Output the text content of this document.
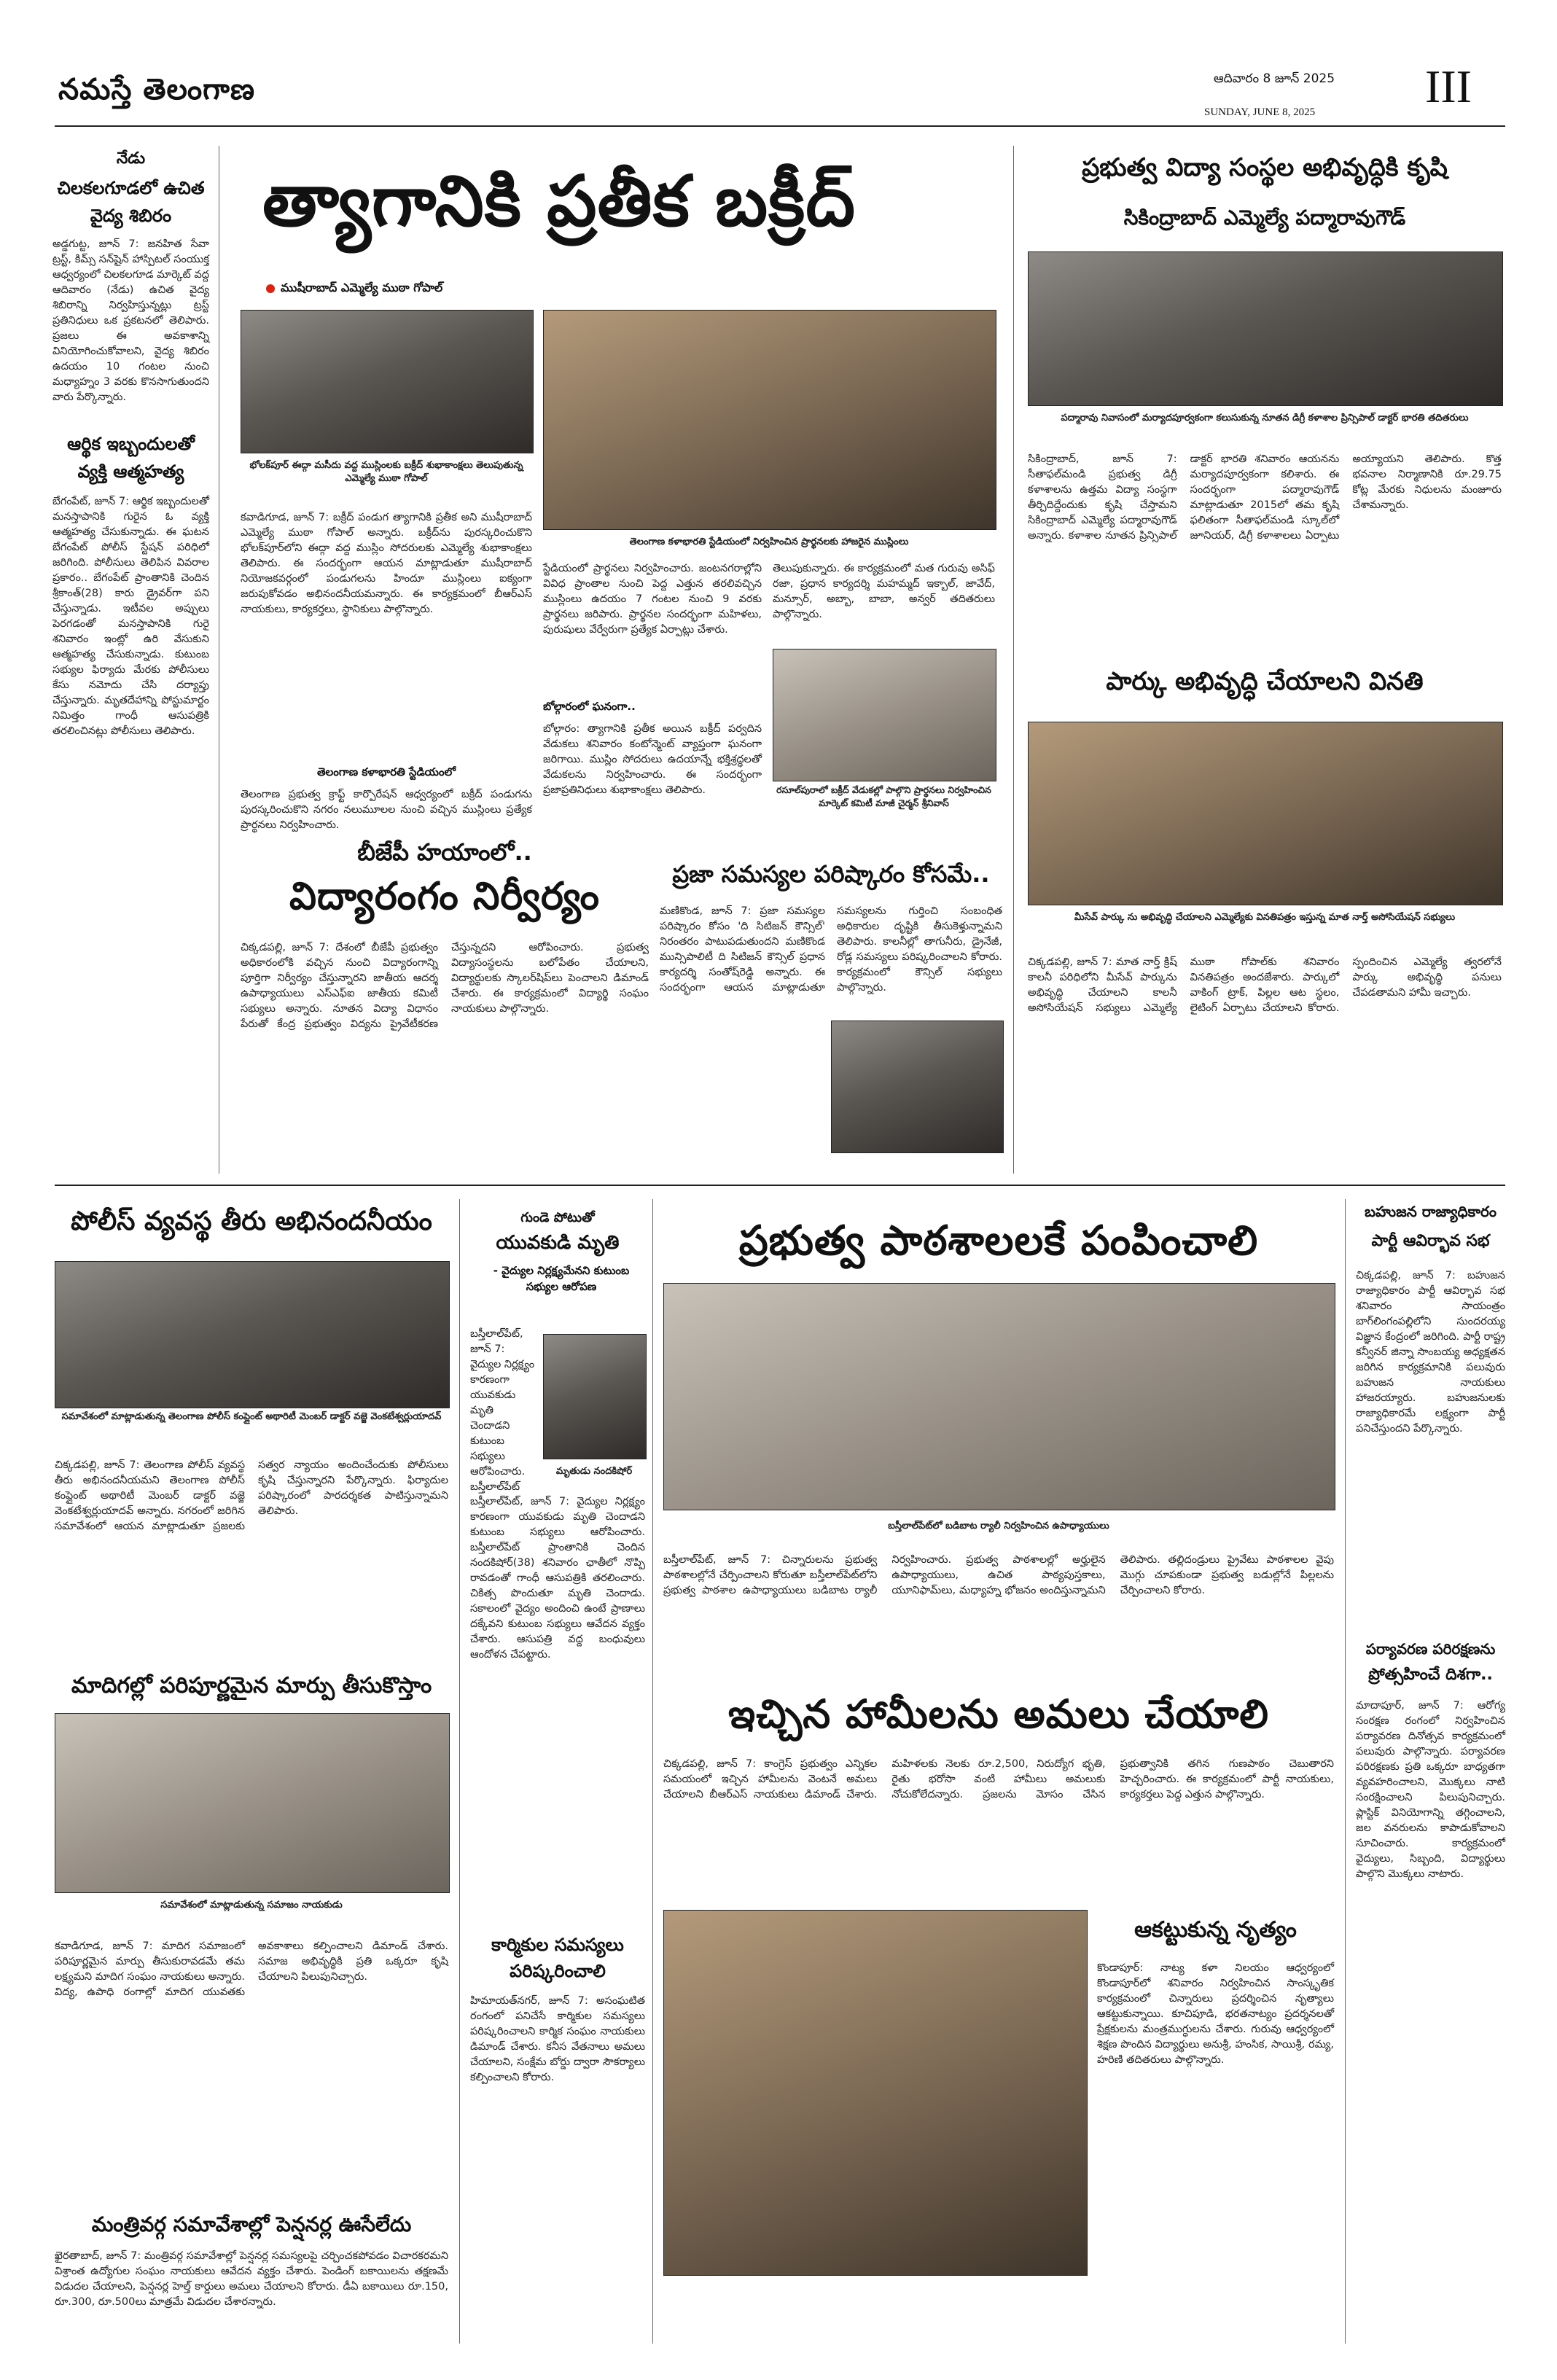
నమస్తే తెలంగాణ	ఆదివారం 8 జూన్ 2025
SUNDAY, JUNE 8, 2025 III
నేడు
చిలకలగూడలో ఉచిత వైద్య శిబిరం
అడ్డగుట్ట, జూన్ 7: జనహిత సేవా ట్రస్ట్, కిమ్స్ సన్‌షైన్ హాస్పిటల్ సంయుక్త ఆధ్వర్యంలో చిలకలగూడ మార్కెట్ వద్ద ఆదివారం (నేడు) ఉచిత వైద్య శిబిరాన్ని నిర్వహిస్తున్నట్లు ట్రస్ట్ ప్రతినిధులు ఒక ప్రకటనలో తెలిపారు. ప్రజలు ఈ అవకాశాన్ని వినియోగించుకోవాలని, వైద్య శిబిరం ఉదయం 10 గంటల నుంచి మధ్యాహ్నం 3 వరకు కొనసాగుతుందని వారు పేర్కొన్నారు.
ఆర్థిక ఇబ్బందులతో వ్యక్తి ఆత్మహత్య
బేగంపేట్, జూన్ 7: ఆర్థిక ఇబ్బందులతో మనస్తాపానికి గురైన ఓ వ్యక్తి ఆత్మహత్య చేసుకున్నాడు. ఈ ఘటన బేగంపేట్ పోలీస్ స్టేషన్ పరిధిలో జరిగింది. పోలీసులు తెలిపిన వివరాల ప్రకారం.. బేగంపేట్ ప్రాంతానికి చెందిన శ్రీకాంత్(28) కారు డ్రైవర్‌గా పని చేస్తున్నాడు. ఇటీవల అప్పులు పెరగడంతో మనస్తాపానికి గురై శనివారం ఇంట్లో ఉరి వేసుకుని ఆత్మహత్య చేసుకున్నాడు. కుటుంబ సభ్యుల ఫిర్యాదు మేరకు పోలీసులు కేసు నమోదు చేసి దర్యాప్తు చేస్తున్నారు. మృతదేహాన్ని పోస్టుమార్టం నిమిత్తం గాంధీ ఆసుపత్రికి తరలించినట్లు పోలీసులు తెలిపారు.
త్యాగానికి ప్రతీక బక్రీద్
ముషీరాబాద్ ఎమ్మెల్యే ముఠా గోపాల్
భోలక్‌పూర్ ఈద్గా మసీదు వద్ద ముస్లింలకు బక్రీద్ శుభాకాంక్షలు తెలుపుతున్న ఎమ్మెల్యే ముఠా గోపాల్
తెలంగాణ కళాభారతి స్టేడియంలో నిర్వహించిన ప్రార్థనలకు హాజరైన ముస్లింలు
కవాడిగూడ, జూన్ 7: బక్రీద్ పండుగ త్యాగానికి ప్రతీక అని ముషీరాబాద్ ఎమ్మెల్యే ముఠా గోపాల్ అన్నారు. బక్రీద్‌ను పురస్కరించుకొని భోలక్‌పూర్‌లోని ఈద్గా వద్ద ముస్లిం సోదరులకు ఎమ్మెల్యే శుభాకాంక్షలు తెలిపారు. ఈ సందర్భంగా ఆయన మాట్లాడుతూ ముషీరాబాద్ నియోజకవర్గంలో పండుగలను హిందూ ముస్లింలు ఐక్యంగా జరుపుకోవడం అభినందనీయమన్నారు. ఈ కార్యక్రమంలో బీఆర్ఎస్ నాయకులు, కార్యకర్తలు, స్థానికులు పాల్గొన్నారు.
తెలంగాణ కళాభారతి స్టేడియంలో
తెలంగాణ ప్రభుత్వ క్రాఫ్ట్ కార్పొరేషన్ ఆధ్వర్యంలో బక్రీద్ పండుగను పురస్కరించుకొని నగరం నలుమూలల నుంచి వచ్చిన ముస్లింలు ప్రత్యేక ప్రార్థనలు నిర్వహించారు.
స్టేడియంలో ప్రార్థనలు నిర్వహించారు. జంటనగరాల్లోని వివిధ ప్రాంతాల నుంచి పెద్ద ఎత్తున తరలివచ్చిన ముస్లింలు ఉదయం 7 గంటల నుంచి 9 వరకు ప్రార్థనలు జరిపారు. ప్రార్థనల సందర్భంగా మహిళలు, పురుషులు వేర్వేరుగా ప్రత్యేక ఏర్పాట్లు చేశారు.
బోల్గారంలో ఘనంగా..
బోల్గారం: త్యాగానికి ప్రతీక అయిన బక్రీద్ పర్వదిన వేడుకలు శనివారం కంటోన్మెంట్ వ్యాప్తంగా ఘనంగా జరిగాయి. ముస్లిం సోదరులు ఉదయాన్నే భక్తిశ్రద్ధలతో వేడుకలను నిర్వహించారు. ఈ సందర్భంగా ప్రజాప్రతినిధులు శుభాకాంక్షలు తెలిపారు.
తెలుపుకున్నారు. ఈ కార్యక్రమంలో మత గురువు అసిఫ్ రజా, ప్రధాన కార్యదర్శి మహమ్మద్ ఇక్బాల్, జావేద్, మన్సూర్, అబ్బా, బాబా, అన్వర్ తదితరులు పాల్గొన్నారు.
రసూల్‌పురాలో బక్రీద్ వేడుకల్లో పాల్గొని ప్రార్థనలు నిర్వహించిన మార్కెట్ కమిటీ మాజీ చైర్మన్ శ్రీనివాస్
ప్రభుత్వ విద్యా సంస్థల అభివృద్ధికి కృషి
సికింద్రాబాద్ ఎమ్మెల్యే పద్మారావుగౌడ్
పద్మారావు నివాసంలో మర్యాదపూర్వకంగా కలుసుకున్న నూతన డిగ్రీ కళాశాల ప్రిన్సిపాల్ డాక్టర్ భారతి తదితరులు
సికింద్రాబాద్, జూన్ 7: సీతాఫల్‌మండి ప్రభుత్వ డిగ్రీ కళాశాలను ఉత్తమ విద్యా సంస్థగా తీర్చిదిద్దేందుకు కృషి చేస్తామని సికింద్రాబాద్ ఎమ్మెల్యే పద్మారావుగౌడ్ అన్నారు. కళాశాల నూతన ప్రిన్సిపాల్ డాక్టర్ భారతి శనివారం ఆయనను మర్యాదపూర్వకంగా కలిశారు. ఈ సందర్భంగా పద్మారావుగౌడ్ మాట్లాడుతూ 2015లో తమ కృషి ఫలితంగా సీతాఫల్‌మండి స్కూల్‌లో జూనియర్, డిగ్రీ కళాశాలలు ఏర్పాటు అయ్యాయని తెలిపారు. కొత్త భవనాల నిర్మాణానికి రూ.29.75 కోట్ల మేరకు నిధులను మంజూరు చేశామన్నారు.
పార్కు అభివృద్ధి చేయాలని వినతి
మీసేవ్ పార్కు ను అభివృద్ధి చేయాలని ఎమ్మెల్యేకు వినతిపత్రం ఇస్తున్న మాత నార్త్ అసోసియేషన్ సభ్యులు
చిక్కడపల్లి, జూన్ 7: మాత నార్త్ క్రిష్ కాలనీ పరిధిలోని మీసేవ్ పార్కును అభివృద్ధి చేయాలని కాలనీ అసోసియేషన్ సభ్యులు ఎమ్మెల్యే ముఠా గోపాల్‌కు శనివారం వినతిపత్రం అందజేశారు. పార్కులో వాకింగ్ ట్రాక్, పిల్లల ఆట స్థలం, లైటింగ్ ఏర్పాటు చేయాలని కోరారు. స్పందించిన ఎమ్మెల్యే త్వరలోనే పార్కు అభివృద్ధి పనులు చేపడతామని హామీ ఇచ్చారు.
బీజేపీ హయాంలో..
విద్యారంగం నిర్వీర్యం
చిక్కడపల్లి, జూన్ 7: దేశంలో బీజేపీ ప్రభుత్వం అధికారంలోకి వచ్చిన నుంచి విద్యారంగాన్ని పూర్తిగా నిర్వీర్యం చేస్తున్నారని జాతీయ ఆదర్శ ఉపాధ్యాయులు ఎస్ఎఫ్ఐ జాతీయ కమిటీ సభ్యులు అన్నారు. నూతన విద్యా విధానం పేరుతో కేంద్ర ప్రభుత్వం విద్యను ప్రైవేటీకరణ చేస్తున్నదని ఆరోపించారు. ప్రభుత్వ విద్యాసంస్థలను బలోపేతం చేయాలని, విద్యార్థులకు స్కాలర్‌షిప్‌లు పెంచాలని డిమాండ్ చేశారు. ఈ కార్యక్రమంలో విద్యార్థి సంఘం నాయకులు పాల్గొన్నారు.
ప్రజా సమస్యల పరిష్కారం కోసమే..
మణికొండ, జూన్ 7: ప్రజా సమస్యల పరిష్కారం కోసం 'ది సిటిజన్ కౌన్సిల్' నిరంతరం పాటుపడుతుందని మణికొండ మున్సిపాలిటీ ది సిటిజన్ కౌన్సిల్ ప్రధాన కార్యదర్శి సంతోష్‌రెడ్డి అన్నారు. ఈ సందర్భంగా ఆయన మాట్లాడుతూ సమస్యలను గుర్తించి సంబంధిత అధికారుల దృష్టికి తీసుకెళ్తున్నామని తెలిపారు. కాలనీల్లో తాగునీరు, డ్రైనేజీ, రోడ్ల సమస్యలు పరిష్కరించాలని కోరారు. కార్యక్రమంలో కౌన్సిల్ సభ్యులు పాల్గొన్నారు.
పోలీస్ వ్యవస్థ తీరు అభినందనీయం
సమావేశంలో మాట్లాడుతున్న తెలంగాణ పోలీస్ కంప్లైంట్ అథారిటీ మెంబర్ డాక్టర్ వజ్జె వెంకటేశ్వర్లుయాదవ్
చిక్కడపల్లి, జూన్ 7: తెలంగాణ పోలీస్ వ్యవస్థ తీరు అభినందనీయమని తెలంగాణ పోలీస్ కంప్లైంట్ అథారిటీ మెంబర్ డాక్టర్ వజ్జె వెంకటేశ్వర్లుయాదవ్ అన్నారు. నగరంలో జరిగిన సమావేశంలో ఆయన మాట్లాడుతూ ప్రజలకు సత్వర న్యాయం అందించేందుకు పోలీసులు కృషి చేస్తున్నారని పేర్కొన్నారు. ఫిర్యాదుల పరిష్కారంలో పారదర్శకత పాటిస్తున్నామని తెలిపారు.
మాదిగల్లో పరిపూర్ణమైన మార్పు తీసుకొస్తాం
సమావేశంలో మాట్లాడుతున్న సమాజం నాయకుడు
కవాడిగూడ, జూన్ 7: మాదిగ సమాజంలో పరిపూర్ణమైన మార్పు తీసుకురావడమే తమ లక్ష్యమని మాదిగ సంఘం నాయకులు అన్నారు. విద్య, ఉపాధి రంగాల్లో మాదిగ యువతకు అవకాశాలు కల్పించాలని డిమాండ్ చేశారు. సమాజ అభివృద్ధికి ప్రతి ఒక్కరూ కృషి చేయాలని పిలుపునిచ్చారు.
మంత్రివర్గ సమావేశాల్లో పెన్షనర్ల ఊసేలేదు
ఖైరతాబాద్, జూన్ 7: మంత్రివర్గ సమావేశాల్లో పెన్షనర్ల సమస్యలపై చర్చించకపోవడం విచారకరమని విశ్రాంత ఉద్యోగుల సంఘం నాయకులు ఆవేదన వ్యక్తం చేశారు. పెండింగ్ బకాయిలను తక్షణమే విడుదల చేయాలని, పెన్షనర్ల హెల్త్ కార్డులు అమలు చేయాలని కోరారు. డీఏ బకాయిలు రూ.150, రూ.300, రూ.500లు మాత్రమే విడుదల చేశారన్నారు.
గుండె పోటుతో
యువకుడి మృతి
- వైద్యుల నిర్లక్ష్యమేనని కుటుంబ సభ్యుల ఆరోపణ
మృతుడు నందకిషోర్
బస్తీలాల్‌పేట్, జూన్ 7: వైద్యుల నిర్లక్ష్యం కారణంగా యువకుడు మృతి చెందాడని కుటుంబ సభ్యులు ఆరోపించారు. బస్తీలాల్‌పేట్
బస్తీలాల్‌పేట్, జూన్ 7: వైద్యుల నిర్లక్ష్యం కారణంగా యువకుడు మృతి చెందాడని కుటుంబ సభ్యులు ఆరోపించారు. బస్తీలాల్‌పేట్ ప్రాంతానికి చెందిన నందకిషోర్(38) శనివారం ఛాతీలో నొప్పి రావడంతో గాంధీ ఆసుపత్రికి తరలించారు. చికిత్స పొందుతూ మృతి చెందాడు. సకాలంలో వైద్యం అందించి ఉంటే ప్రాణాలు దక్కేవని కుటుంబ సభ్యులు ఆవేదన వ్యక్తం చేశారు. ఆసుపత్రి వద్ద బంధువులు ఆందోళన చేపట్టారు.
కార్మికుల సమస్యలు పరిష్కరించాలి
హిమాయత్‌నగర్, జూన్ 7: అసంఘటిత రంగంలో పనిచేసే కార్మికుల సమస్యలు పరిష్కరించాలని కార్మిక సంఘం నాయకులు డిమాండ్ చేశారు. కనీస వేతనాలు అమలు చేయాలని, సంక్షేమ బోర్డు ద్వారా సౌకర్యాలు కల్పించాలని కోరారు.
ప్రభుత్వ పాఠశాలలకే పంపించాలి
బస్తీలాల్‌పేట్‌లో బడిబాట ర్యాలీ నిర్వహించిన ఉపాధ్యాయులు
బస్తీలాల్‌పేట్, జూన్ 7: చిన్నారులను ప్రభుత్వ పాఠశాలల్లోనే చేర్పించాలని కోరుతూ బస్తీలాల్‌పేట్‌లోని ప్రభుత్వ పాఠశాల ఉపాధ్యాయులు బడిబాట ర్యాలీ నిర్వహించారు. ప్రభుత్వ పాఠశాలల్లో అర్హులైన ఉపాధ్యాయులు, ఉచిత పాఠ్యపుస్తకాలు, యూనిఫామ్‌లు, మధ్యాహ్న భోజనం అందిస్తున్నామని తెలిపారు. తల్లిదండ్రులు ప్రైవేటు పాఠశాలల వైపు మొగ్గు చూపకుండా ప్రభుత్వ బడుల్లోనే పిల్లలను చేర్పించాలని కోరారు.
ఇచ్చిన హామీలను అమలు చేయాలి
చిక్కడపల్లి, జూన్ 7: కాంగ్రెస్ ప్రభుత్వం ఎన్నికల సమయంలో ఇచ్చిన హామీలను వెంటనే అమలు చేయాలని బీఆర్ఎస్ నాయకులు డిమాండ్ చేశారు. మహిళలకు నెలకు రూ.2,500, నిరుద్యోగ భృతి, రైతు భరోసా వంటి హామీలు అమలుకు నోచుకోలేదన్నారు. ప్రజలను మోసం చేసిన ప్రభుత్వానికి తగిన గుణపాఠం చెబుతారని హెచ్చరించారు. ఈ కార్యక్రమంలో పార్టీ నాయకులు, కార్యకర్తలు పెద్ద ఎత్తున పాల్గొన్నారు.
ఆకట్టుకున్న నృత్యం
కొండాపూర్: నాట్య కళా నిలయం ఆధ్వర్యంలో కొండాపూర్‌లో శనివారం నిర్వహించిన సాంస్కృతిక కార్యక్రమంలో చిన్నారులు ప్రదర్శించిన నృత్యాలు ఆకట్టుకున్నాయి. కూచిపూడి, భరతనాట్యం ప్రదర్శనలతో ప్రేక్షకులను మంత్రముగ్ధులను చేశారు. గురువు ఆధ్వర్యంలో శిక్షణ పొందిన విద్యార్థులు అనుశ్రీ, హంసిక, సాయిశ్రీ, రమ్య, హరిణి తదితరులు పాల్గొన్నారు.
బహుజన రాజ్యాధికారం
పార్టీ ఆవిర్భావ సభ
చిక్కడపల్లి, జూన్ 7: బహుజన రాజ్యాధికారం పార్టీ ఆవిర్భావ సభ శనివారం సాయంత్రం బాగ్‌లింగంపల్లిలోని సుందరయ్య విజ్ఞాన కేంద్రంలో జరిగింది. పార్టీ రాష్ట్ర కన్వీనర్ జిన్నా సాంబయ్య అధ్యక్షతన జరిగిన కార్యక్రమానికి పలువురు బహుజన నాయకులు హాజరయ్యారు. బహుజనులకు రాజ్యాధికారమే లక్ష్యంగా పార్టీ పనిచేస్తుందని పేర్కొన్నారు.
పర్యావరణ పరిరక్షణను
ప్రోత్సహించే దిశగా..
మాదాపూర్, జూన్ 7: ఆరోగ్య సంరక్షణ రంగంలో నిర్వహించిన పర్యావరణ దినోత్సవ కార్యక్రమంలో పలువురు పాల్గొన్నారు. పర్యావరణ పరిరక్షణకు ప్రతి ఒక్కరూ బాధ్యతగా వ్యవహరించాలని, మొక్కలు నాటి సంరక్షించాలని పిలుపునిచ్చారు. ప్లాస్టిక్ వినియోగాన్ని తగ్గించాలని, జల వనరులను కాపాడుకోవాలని సూచించారు. కార్యక్రమంలో వైద్యులు, సిబ్బంది, విద్యార్థులు పాల్గొని మొక్కలు నాటారు.
